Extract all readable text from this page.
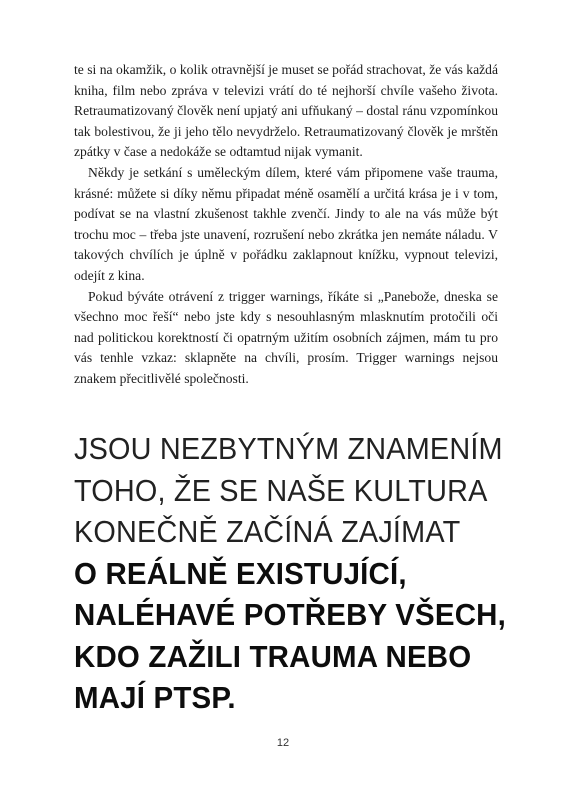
te si na okamžik, o kolik otravnější je muset se pořád strachovat, že vás každá kniha, film nebo zpráva v televizi vrátí do té nejhorší chvíle vašeho života. Retraumatizovaný člověk není upjatý ani ufňukaný – dostal ránu vzpomínkou tak bolestivou, že ji jeho tělo nevydrželo. Retraumatizovaný člověk je mrštěn zpátky v čase a nedokáže se odtamtud nijak vymanit.

Někdy je setkání s uměleckým dílem, které vám připomene vaše trauma, krásné: můžete si díky němu připadat méně osamělí a určitá krása je i v tom, podívat se na vlastní zkušenost takhle zvenčí. Jindy to ale na vás může být trochu moc – třeba jste unavení, rozrušení nebo zkrátka jen nemáte náladu. V takových chvílích je úplně v pořádku zaklapnout knížku, vypnout televizi, odejít z kina.

Pokud býváte otrávení z trigger warnings, říkáte si „Panebože, dneska se všechno moc řeší“ nebo jste kdy s nesouhlasným mlasknutím protočili oči nad politickou korektností či opatrným užitím osobních zájmen, mám tu pro vás tenhle vzkaz: sklapněte na chvíli, prosím. Trigger warnings nejsou znakem přecitlivělé společnosti.

JSOU NEZBYTNÝM ZNAMENÍM
TOHO, ŽE SE NAŠE KULTURA
KONEČNĚ ZAČÍNÁ ZAJÍMAT
O REÁLNĚ EXISTUJÍCÍ,
NALÉHAVÉ POTŘEBY VŠECH,
KDO ZAŽILI TRAUMA NEBO
MAJÍ PTSP.
12
